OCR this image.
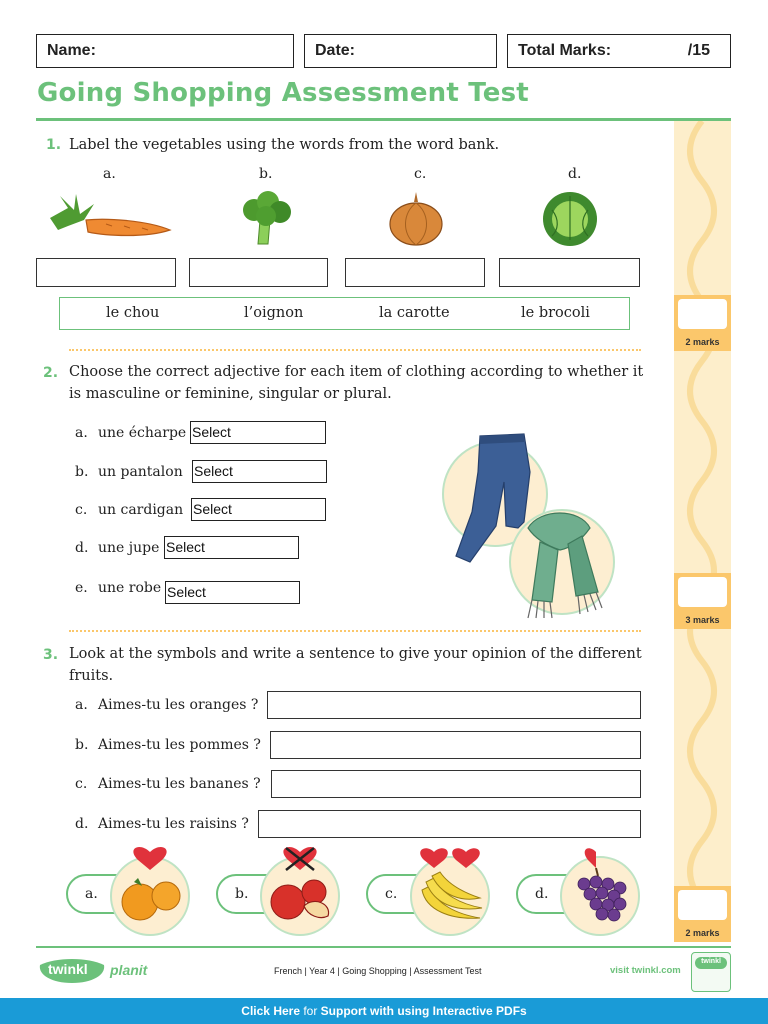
Name:	Date:	Total Marks:	/15
Going Shopping Assessment Test
2 marks
3 marks
2 marks
1. Label the vegetables using the words from the word bank.
a.	b.	c.	d.
le chou	l’oignon	la carotte	le brocoli
2. Choose the correct adjective for each item of clothing according to whether it
is masculine or feminine, singular or plural.
a. une écharpe Select
b. un pantalon Select
c. un cardigan Select
d. une jupe Select
e. une robe Select
3. Look at the symbols and write a sentence to give your opinion of the different
fruits.
a. Aimes-tu les oranges ?
b. Aimes-tu les pommes ?
c. Aimes-tu les bananes ?
d. Aimes-tu les raisins ?
a.	b.	c.	d.
twinkl planit	French | Year 4 | Going Shopping | Assessment Test	visit twinkl.com
twinkl
Click Here for Support with using Interactive PDFs
